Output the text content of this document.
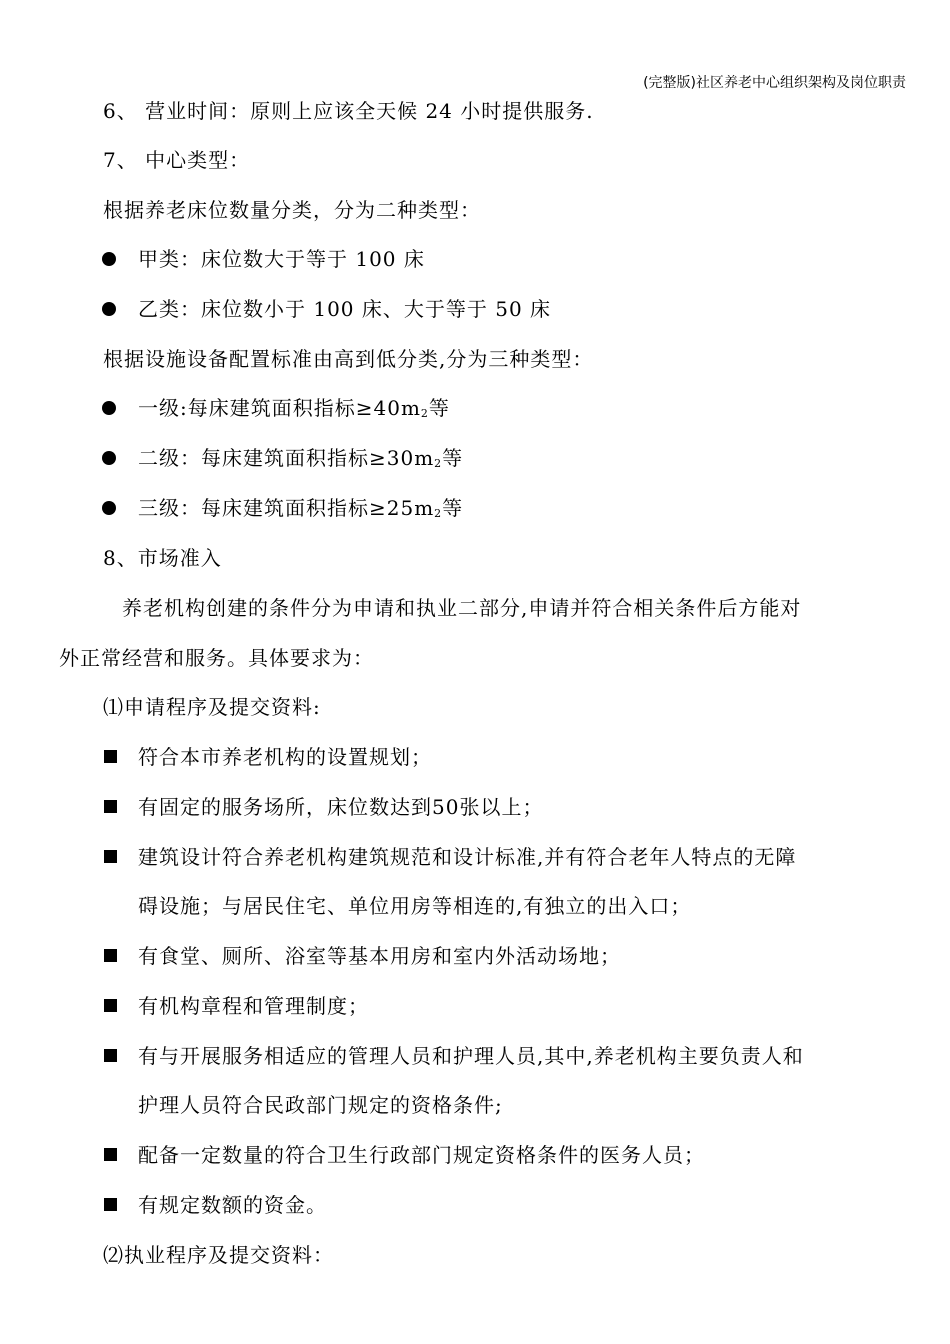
(完整版)社区养老中心组织架构及岗位职责
6、 营业时间：原则上应该全天候 24 小时提供服务.
7、 中心类型：
根据养老床位数量分类，分为二种类型：
甲类：床位数大于等于 100 床
乙类：床位数小于 100 床、大于等于 50 床
根据设施设备配置标准由高到低分类,分为三种类型：
一级:每床建筑面积指标$\ge 40m^2$等
二级：每床建筑面积指标$\ge 30m^2$等
三级：每床建筑面积指标$\ge 25m^2$等
8、市场准入
养老机构创建的条件分为申请和执业二部分,申请并符合相关条件后方能对
外正常经营和服务。具体要求为：
⑴申请程序及提交资料:
符合本市养老机构的设置规划；
有固定的服务场所，床位数达到50张以上；
建筑设计符合养老机构建筑规范和设计标准,并有符合老年人特点的无障
碍设施；与居民住宅、单位用房等相连的,有独立的出入口；
有食堂、厕所、浴室等基本用房和室内外活动场地；
有机构章程和管理制度；
有与开展服务相适应的管理人员和护理人员,其中,养老机构主要负责人和
护理人员符合民政部门规定的资格条件;
配备一定数量的符合卫生行政部门规定资格条件的医务人员；
有规定数额的资金。
⑵执业程序及提交资料：
